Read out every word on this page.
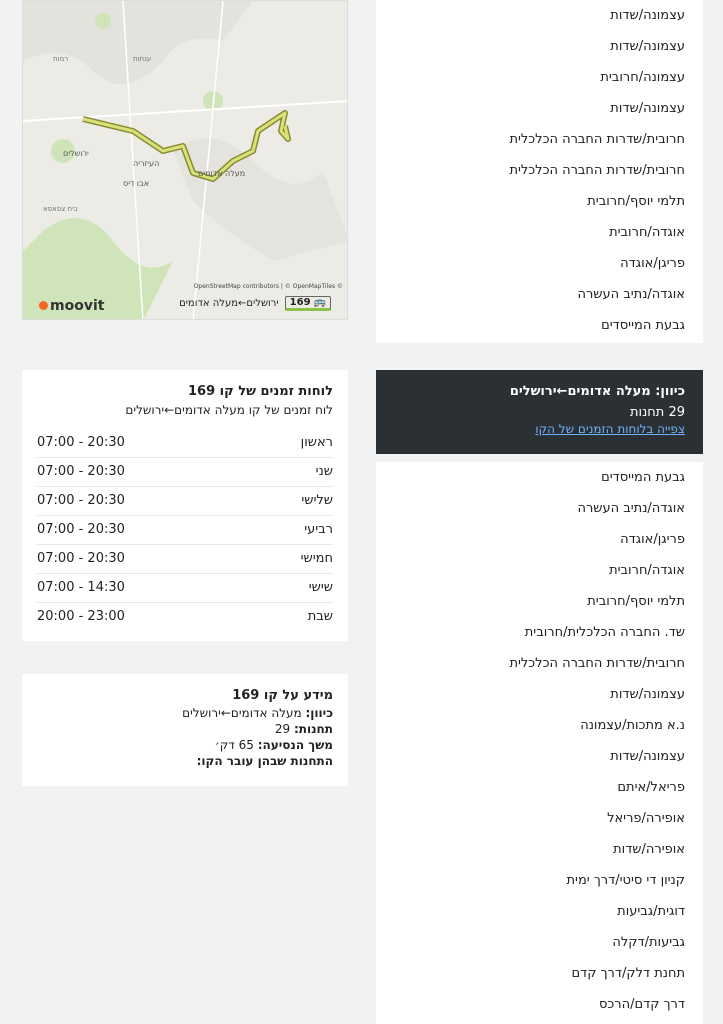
ירושלים
העיזריה
אבו דיס
מעלה אדומים
ענתות
רמות
בית צפאפא
OpenStreetMap contributors | © OpenMapTiles ©
moovit	🚌
169
ירושלים←מעלה אדומים
עצמונה/שדות
עצמונה/שדות
עצמונה/חרובית
עצמונה/שדות
חרובית/שדרות החברה הכלכלית
חרובית/שדרות החברה הכלכלית
תלמי יוסף/חרובית
אוגדה/חרובית
פריגן/אוגדה
אוגדה/נתיב העשרה
גבעת המייסדים
כיוון: מעלה אדומים←ירושלים
29 תחנות
צפייה בלוחות הזמנים של הקו
גבעת המייסדים
אוגדה/נתיב העשרה
פריגן/אוגדה
אוגדה/חרובית
תלמי יוסף/חרובית
שד. החברה הכלכלית/חרובית
חרובית/שדרות החברה הכלכלית
עצמונה/שדות
נ.א מתכות/עצמונה
עצמונה/שדות
פריאל/איתם
אופירה/פריאל
אופירה/שדות
קניון די סיטי/דרך ימית
דוגית/גביעות
גביעות/דקלה
תחנת דלק/דרך קדם
דרך קדם/הרכס
לוחות זמנים של קו 169
לוח זמנים של קו מעלה אדומים←ירושלים
ראשון
07:00 - 20:30
שני
07:00 - 20:30
שלישי
07:00 - 20:30
רביעי
07:00 - 20:30
חמישי
07:00 - 20:30
שישי
07:00 - 14:30
שבת
20:00 - 23:00
מידע על קו 169
כיוון: מעלה אדומים←ירושלים
תחנות: 29
משך הנסיעה: 65 דק׳
התחנות שבהן עובר הקו:
